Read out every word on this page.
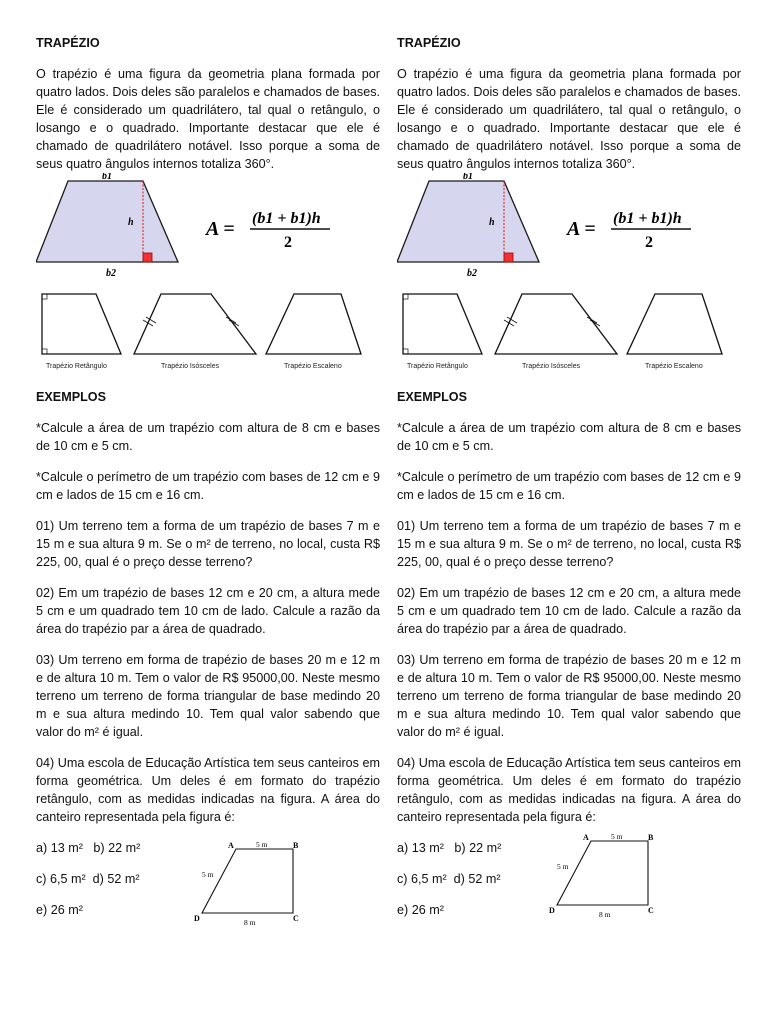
TRAPÉZIO

O trapézio é uma figura da geometria plana formada por quatro lados. Dois deles são paralelos e chamados de bases. Ele é considerado um quadrilátero, tal qual o retângulo, o losango e o quadrado. Importante destacar que ele é chamado de quadrilátero notável. Isso porque a soma de seus quatro ângulos internos totaliza 360°.

b1
h
b2
A = (b1 + b1)h
2
Trapézio Retângulo	Trapézio Isósceles	Trapézio Escaleno
EXEMPLOS

*Calcule a área de um trapézio com altura de 8 cm e bases de 10 cm e 5 cm.

*Calcule o perímetro de um trapézio com bases de 12 cm e 9 cm e lados de 15 cm e 16 cm.

01) Um terreno tem a forma de um trapézio de bases 7 m e 15 m e sua altura 9 m. Se o m² de terreno, no local, custa R$ 225, 00, qual é o preço desse terreno?

02) Em um trapézio de bases 12 cm e 20 cm, a altura mede 5 cm e um quadrado tem 10 cm de lado. Calcule a razão da área do trapézio par a área de quadrado.

03) Um terreno em forma de trapézio de bases 20 m e 12 m e de altura 10 m. Tem o valor de R$ 95000,00. Neste mesmo terreno um terreno de forma triangular de base medindo 20 m e sua altura medindo 10. Tem qual valor sabendo que valor do m² é igual.

04) Uma escola de Educação Artística tem seus canteiros em forma geométrica. Um deles é em formato do trapézio retângulo, com as medidas indicadas na figura. A área do canteiro representada pela figura é:

a) 13 m²   b) 22 m²
c) 6,5 m²  d) 52 m²
e) 26 m²
A	B
C
D
5 m
5 m
8 m
TRAPÉZIO

O trapézio é uma figura da geometria plana formada por quatro lados. Dois deles são paralelos e chamados de bases. Ele é considerado um quadrilátero, tal qual o retângulo, o losango e o quadrado. Importante destacar que ele é chamado de quadrilátero notável. Isso porque a soma de seus quatro ângulos internos totaliza 360°.

b1
h
b2
A = (b1 + b1)h
2
Trapézio Retângulo	Trapézio Isósceles	Trapézio Escaleno
EXEMPLOS

*Calcule a área de um trapézio com altura de 8 cm e bases de 10 cm e 5 cm.

*Calcule o perímetro de um trapézio com bases de 12 cm e 9 cm e lados de 15 cm e 16 cm.

01) Um terreno tem a forma de um trapézio de bases 7 m e 15 m e sua altura 9 m. Se o m² de terreno, no local, custa R$ 225, 00, qual é o preço desse terreno?

02) Em um trapézio de bases 12 cm e 20 cm, a altura mede 5 cm e um quadrado tem 10 cm de lado. Calcule a razão da área do trapézio par a área de quadrado.

03) Um terreno em forma de trapézio de bases 20 m e 12 m e de altura 10 m. Tem o valor de R$ 95000,00. Neste mesmo terreno um terreno de forma triangular de base medindo 20 m e sua altura medindo 10. Tem qual valor sabendo que valor do m² é igual.

04) Uma escola de Educação Artística tem seus canteiros em forma geométrica. Um deles é em formato do trapézio retângulo, com as medidas indicadas na figura. A área do canteiro representada pela figura é:

a) 13 m²   b) 22 m²
c) 6,5 m²  d) 52 m²
e) 26 m²
A	B
C
D
5 m
5 m
8 m
